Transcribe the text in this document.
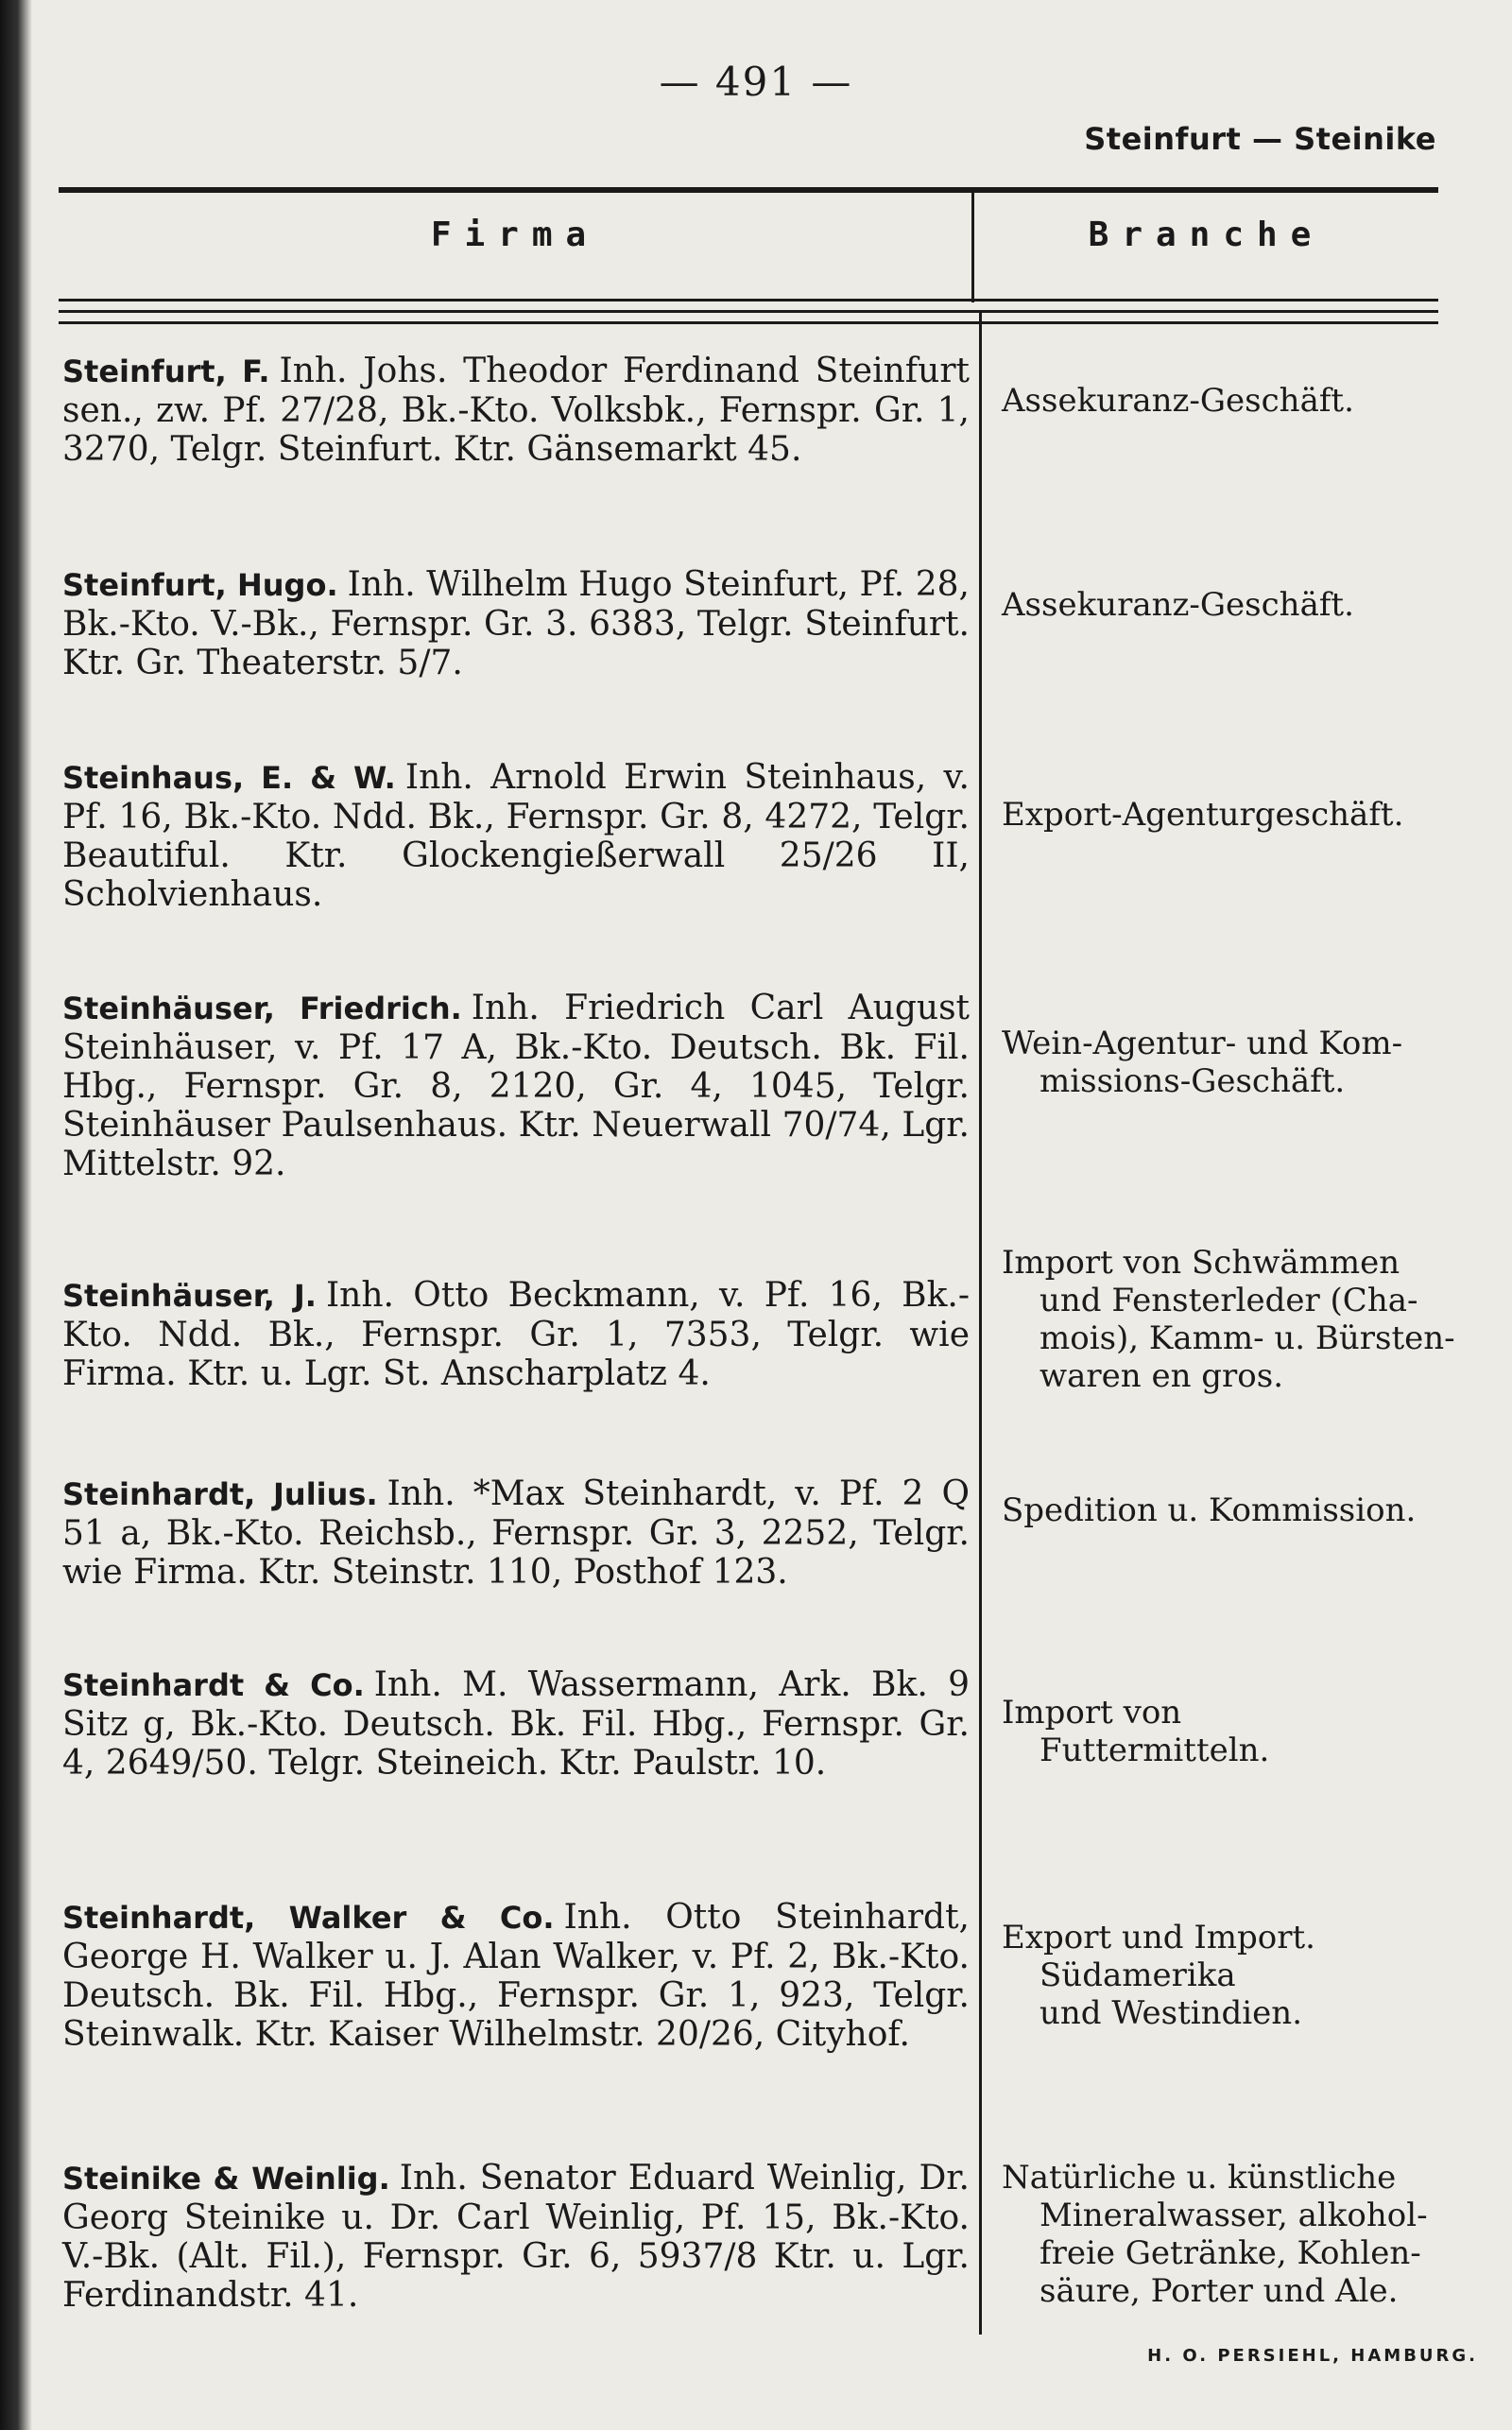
— 491 —
Steinfurt — Steinike
Firma	Branche
Steinfurt, F. Inh. Johs. Theodor Ferdinand Steinfurt sen., zw. Pf. 27/28, Bk.-Kto. Volksbk., Fernspr. Gr. 1, 3270, Telgr. Steinfurt. Ktr. Gänsemarkt 45.
Assekuranz-Geschäft.
Steinfurt, Hugo. Inh. Wilhelm Hugo Steinfurt, Pf. 28, Bk.-Kto. V.-Bk., Fernspr. Gr. 3. 6383, Telgr. Steinfurt. Ktr. Gr. Theaterstr. 5/7.
Assekuranz-Geschäft.
Steinhaus, E. & W. Inh. Arnold Erwin Steinhaus, v. Pf. 16, Bk.-Kto. Ndd. Bk., Fernspr. Gr. 8, 4272, Telgr. Beautiful. Ktr. Glockengießerwall 25/26 II, Scholvienhaus.
Export-Agenturgeschäft.
Steinhäuser, Friedrich. Inh. Friedrich Carl August Steinhäuser, v. Pf. 17 A, Bk.-Kto. Deutsch. Bk. Fil. Hbg., Fernspr. Gr. 8, 2120, Gr. 4, 1045, Telgr. Steinhäuser Paulsenhaus. Ktr. Neuerwall 70/74, Lgr. Mittelstr. 92.
Wein-Agentur- und Kom-
missions-Geschäft.
Steinhäuser, J. Inh. Otto Beckmann, v. Pf. 16, Bk.-Kto. Ndd. Bk., Fernspr. Gr. 1, 7353, Telgr. wie Firma. Ktr. u. Lgr. St. Anscharplatz 4.
Import von Schwämmen
und Fensterleder (Cha-
mois), Kamm- u. Bürsten-
waren en gros.
Steinhardt, Julius. Inh. *Max Steinhardt, v. Pf. 2 Q 51 a, Bk.-Kto. Reichsb., Fernspr. Gr. 3, 2252, Telgr. wie Firma. Ktr. Steinstr. 110, Posthof 123.
Spedition u. Kommission.
Steinhardt & Co. Inh. M. Wassermann, Ark. Bk. 9 Sitz g, Bk.-Kto. Deutsch. Bk. Fil. Hbg., Fernspr. Gr. 4, 2649/50. Telgr. Steineich. Ktr. Paulstr. 10.
Import von
Futtermitteln.
Steinhardt, Walker & Co. Inh. Otto Steinhardt, George H. Walker u. J. Alan Walker, v. Pf. 2, Bk.-Kto. Deutsch. Bk. Fil. Hbg., Fernspr. Gr. 1, 923, Telgr. Steinwalk. Ktr. Kaiser Wilhelmstr. 20/26, Cityhof.
Export und Import.
Südamerika
und Westindien.
Steinike & Weinlig. Inh. Senator Eduard Weinlig, Dr. Georg Steinike u. Dr. Carl Weinlig, Pf. 15, Bk.-Kto. V.-Bk. (Alt. Fil.), Fernspr. Gr. 6, 5937/8 Ktr. u. Lgr. Ferdinandstr. 41.
Natürliche u. künstliche
Mineralwasser, alkohol-
freie Getränke, Kohlen-
säure, Porter und Ale.
H. O. PERSIEHL, HAMBURG.
